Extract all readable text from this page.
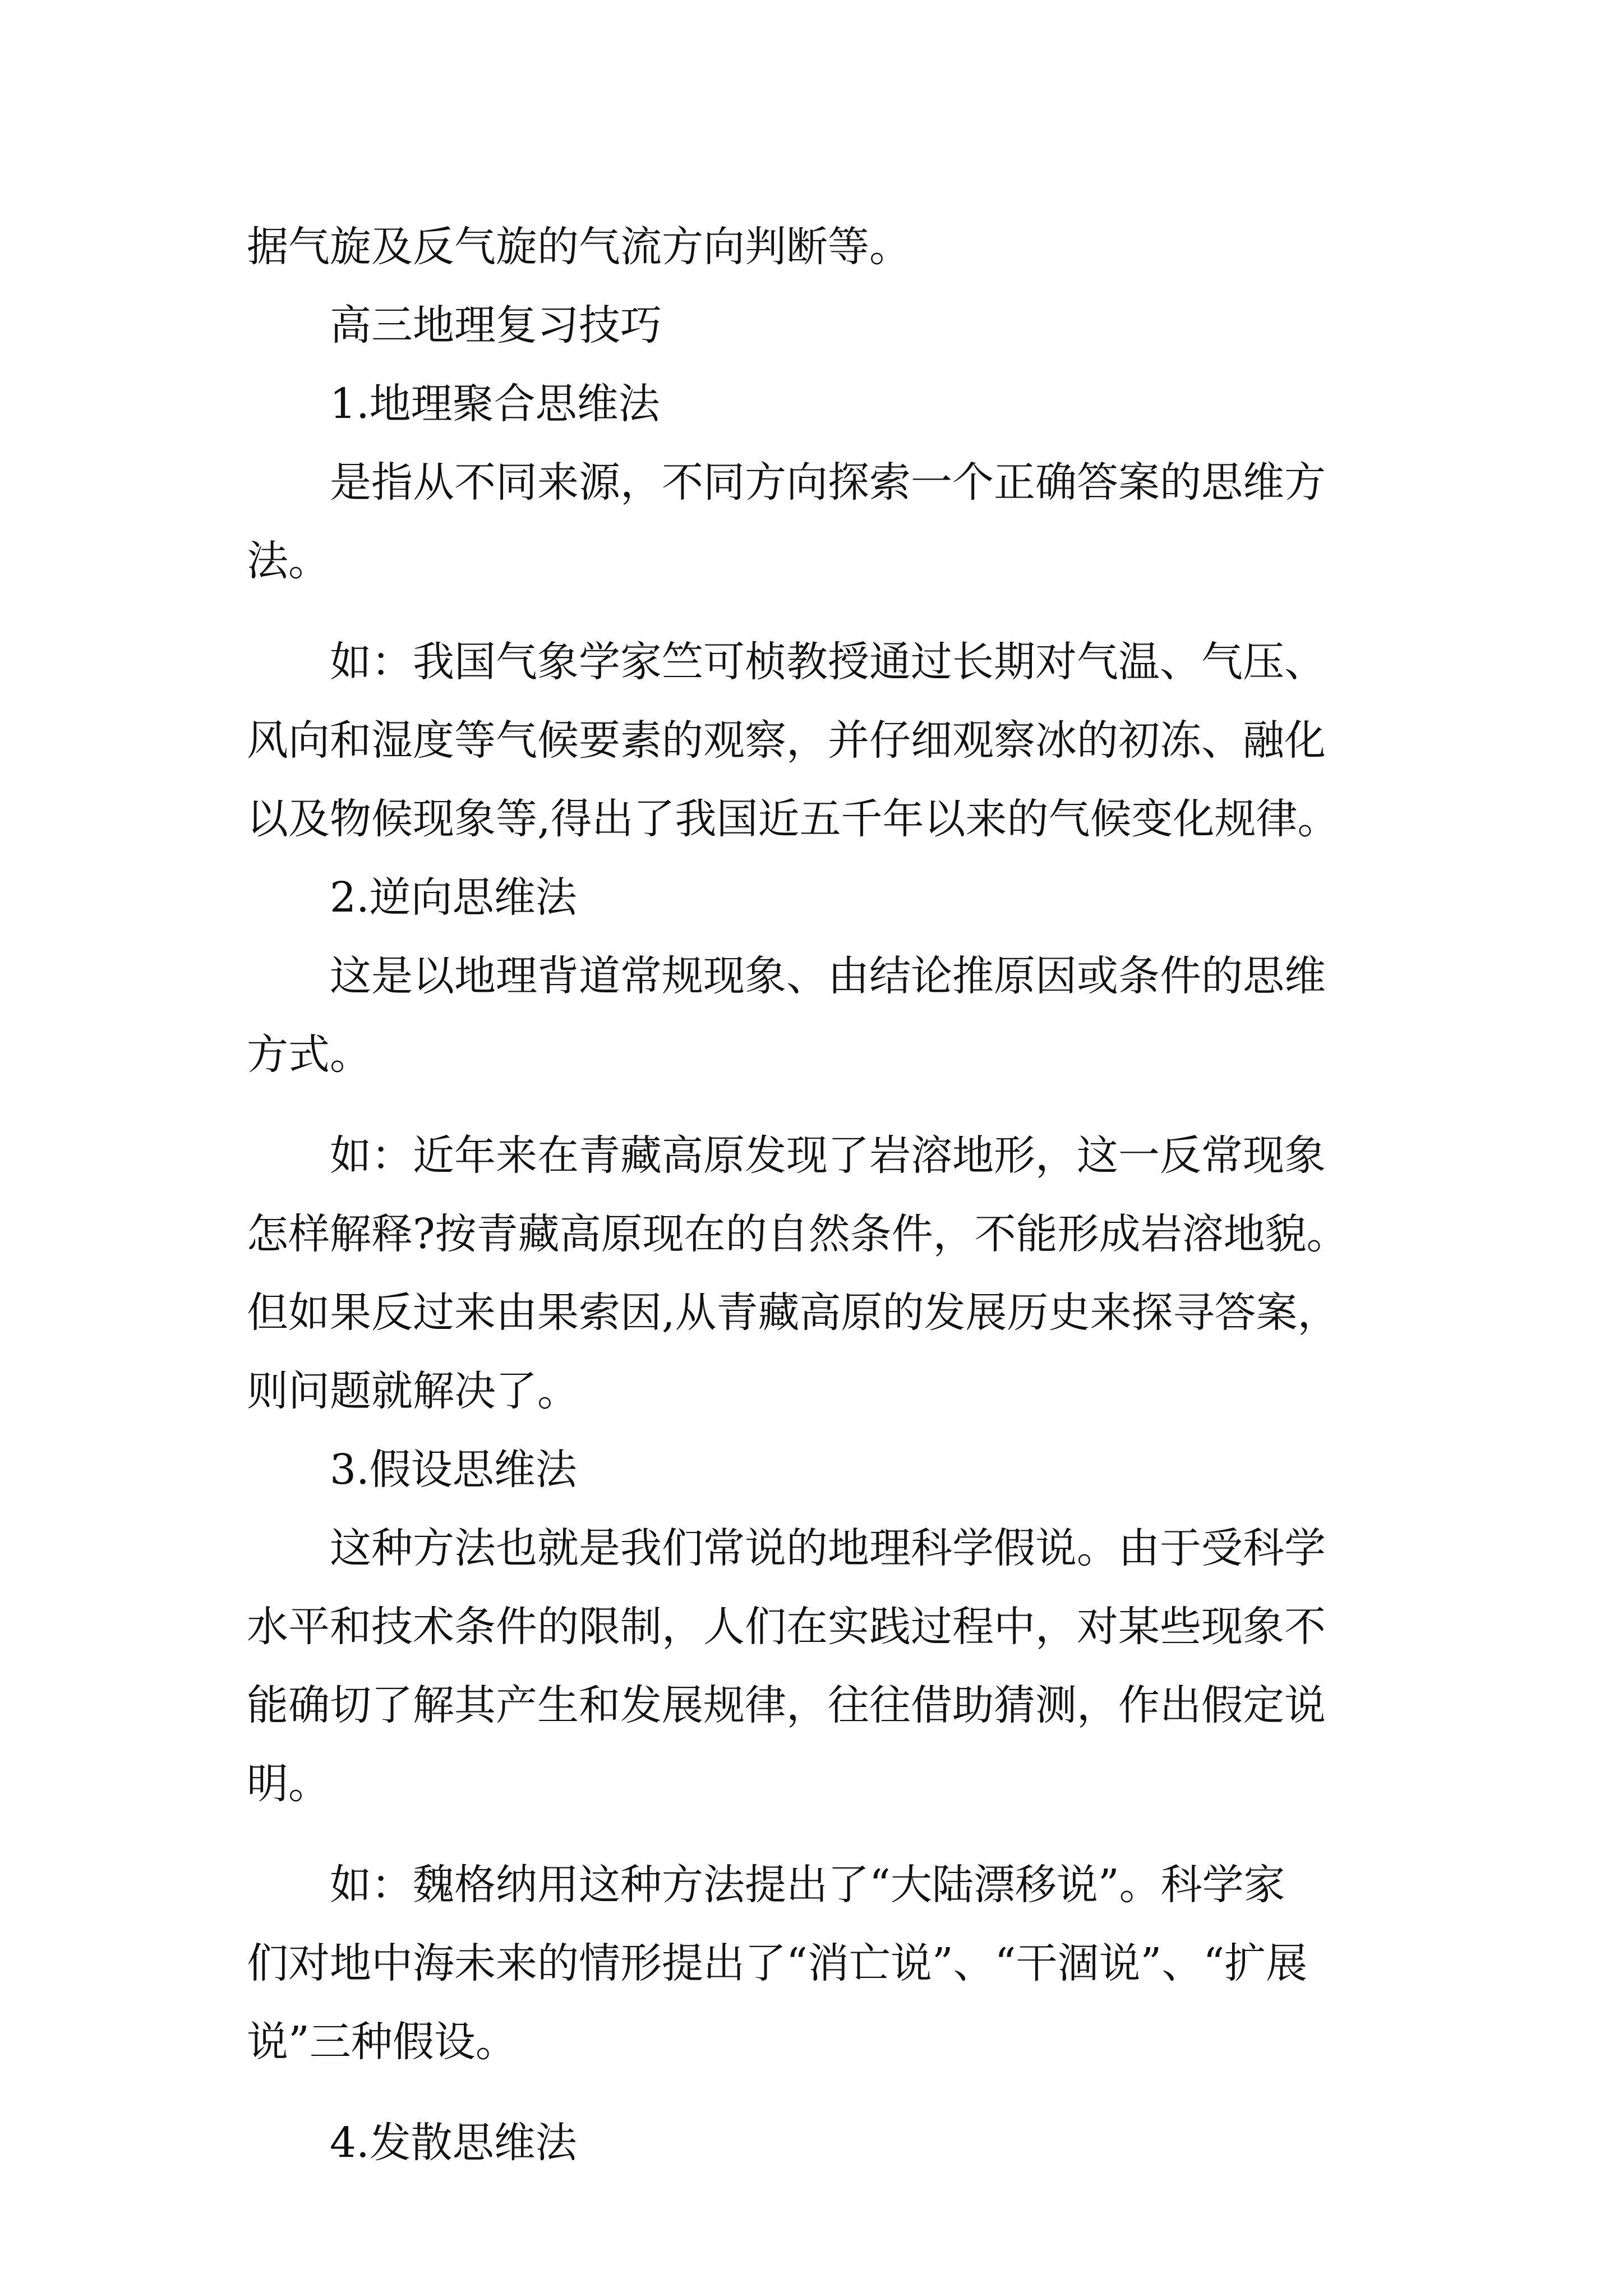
据气旋及反气旋的气流方向判断等。
高三地理复习技巧
1.地理聚合思维法
是指从不同来源，不同方向探索一个正确答案的思维方
法。
如：我国气象学家竺可桢教授通过长期对气温、气压、
风向和湿度等气候要素的观察，并仔细观察冰的初冻、融化
以及物候现象等,得出了我国近五千年以来的气候变化规律。
2.逆向思维法
这是以地理背道常规现象、由结论推原因或条件的思维
方式。
如：近年来在青藏高原发现了岩溶地形，这一反常现象
怎样解释?按青藏高原现在的自然条件，不能形成岩溶地貌。
但如果反过来由果索因,从青藏高原的发展历史来探寻答案，
则问题就解决了。
3.假设思维法
这种方法也就是我们常说的地理科学假说。由于受科学
水平和技术条件的限制，人们在实践过程中，对某些现象不
能确切了解其产生和发展规律，往往借助猜测，作出假定说
明。
如：魏格纳用这种方法提出了“大陆漂移说”。科学家
们对地中海未来的情形提出了“消亡说”、“干涸说”、“扩展
说”三种假设。
4.发散思维法
